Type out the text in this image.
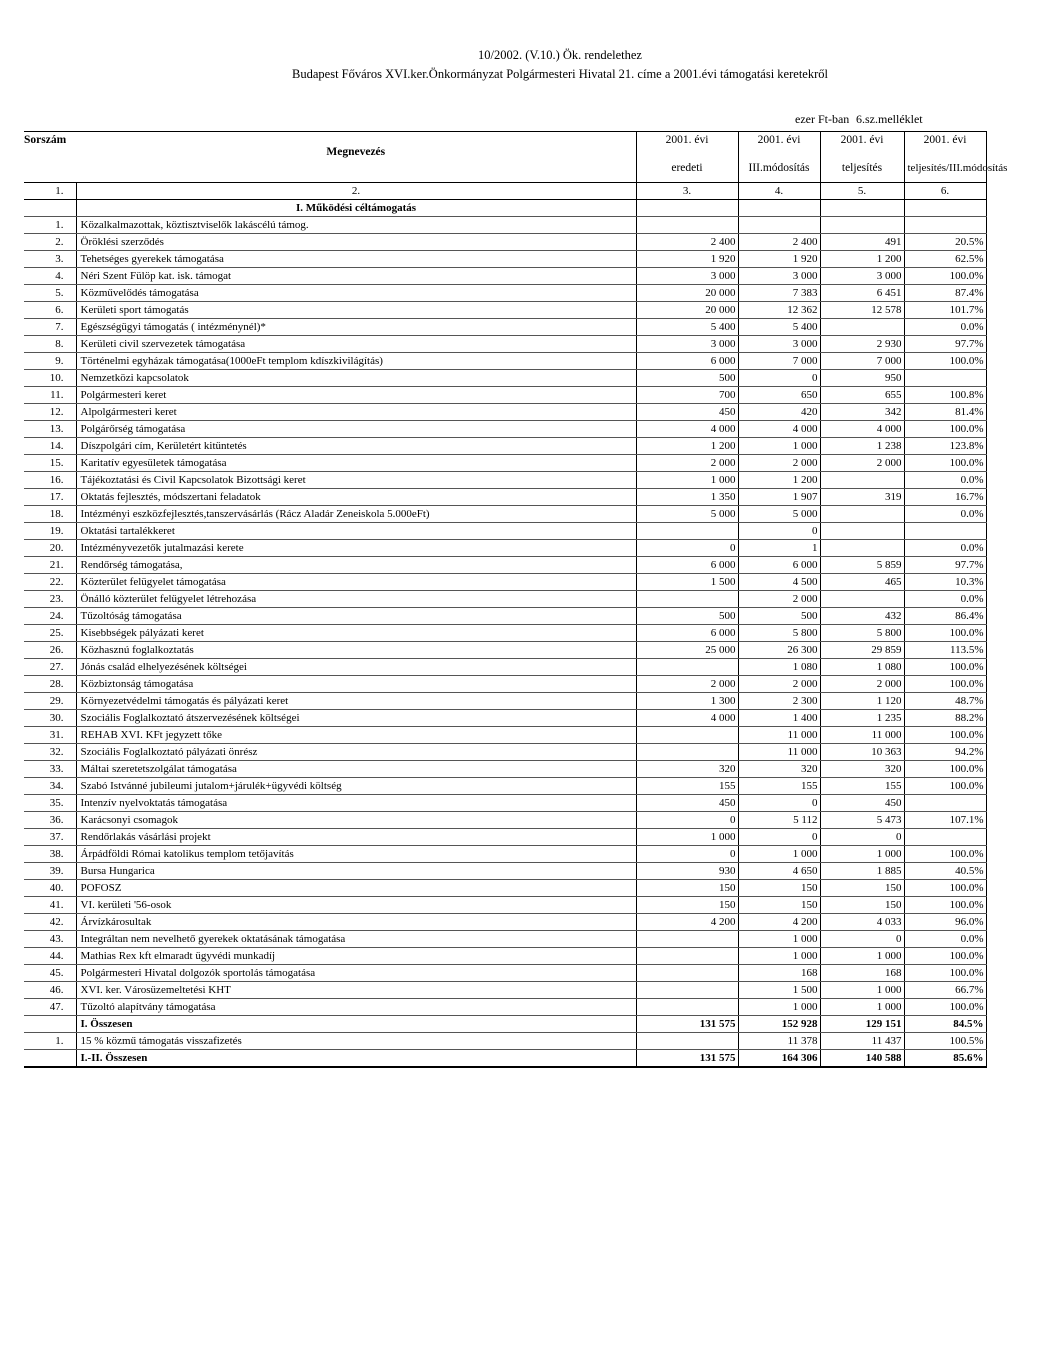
10/2002. (V.10.) Ök. rendelethez
Budapest Főváros XVI.ker.Önkormányzat Polgármesteri Hivatal 21. címe a 2001.évi támogatási keretekről
ezer Ft-ban 6.sz.melléklet
Sorszám	Megnevezés	2001. évi	2001. évi	2001. évi	2001. évi
		eredeti	III.módosítás	teljesítés	teljesítés/III.módosítás
1.	2.	3.	4.	5.	6.
	I. Működési céltámogatás				
1.	Közalkalmazottak, köztisztviselők lakáscélú támog.				
2.	Öröklési szerződés	2 400	2 400	491	20.5%
3.	Tehetséges gyerekek támogatása	1 920	1 920	1 200	62.5%
4.	Néri Szent Fülöp kat. isk. támogat	3 000	3 000	3 000	100.0%
5.	Közművelődés támogatása	20 000	7 383	6 451	87.4%
6.	Kerületi sport támogatás	20 000	12 362	12 578	101.7%
7.	Egészségügyi támogatás ( intézménynél)*	5 400	5 400		0.0%
8.	Kerületi civil szervezetek támogatása	3 000	3 000	2 930	97.7%
9.	Történelmi egyházak támogatása(1000eFt templom kdíszkivilágítás)	6 000	7 000	7 000	100.0%
10.	Nemzetközi kapcsolatok	500	0	950	
11.	Polgármesteri keret	700	650	655	100.8%
12.	Alpolgármesteri keret	450	420	342	81.4%
13.	Polgárőrség támogatása	4 000	4 000	4 000	100.0%
14.	Díszpolgári cím, Kerületért kitüntetés	1 200	1 000	1 238	123.8%
15.	Karitatív egyesületek támogatása	2 000	2 000	2 000	100.0%
16.	Tájékoztatási és Civil Kapcsolatok Bizottsági keret	1 000	1 200		0.0%
17.	Oktatás fejlesztés, módszertani feladatok	1 350	1 907	319	16.7%
18.	Intézményi eszközfejlesztés,tanszervásárlás (Rácz Aladár Zeneiskola 5.000eFt)	5 000	5 000		0.0%
19.	Oktatási tartalékkeret		0		
20.	Intézményvezetők jutalmazási kerete	0	1		0.0%
21.	Rendőrség támogatása,	6 000	6 000	5 859	97.7%
22.	Közterület felügyelet támogatása	1 500	4 500	465	10.3%
23.	Önálló közterület felügyelet létrehozása		2 000		0.0%
24.	Tűzoltóság támogatása	500	500	432	86.4%
25.	Kisebbségek pályázati keret	6 000	5 800	5 800	100.0%
26.	Közhasznú foglalkoztatás	25 000	26 300	29 859	113.5%
27.	Jónás család elhelyezésének költségei		1 080	1 080	100.0%
28.	Közbiztonság támogatása	2 000	2 000	2 000	100.0%
29.	Környezetvédelmi támogatás és pályázati keret	1 300	2 300	1 120	48.7%
30.	Szociális Foglalkoztató átszervezésének költségei	4 000	1 400	1 235	88.2%
31.	REHAB XVI. KFt jegyzett tőke		11 000	11 000	100.0%
32.	Szociális Foglalkoztató pályázati önrész		11 000	10 363	94.2%
33.	Máltai szeretetszolgálat támogatása	320	320	320	100.0%
34.	Szabó Istvánné jubileumi jutalom+járulék+ügyvédi költség	155	155	155	100.0%
35.	Intenzív nyelvoktatás támogatása	450	0	450	
36.	Karácsonyi csomagok	0	5 112	5 473	107.1%
37.	Rendőrlakás vásárlási projekt	1 000	0	0	
38.	Árpádföldi Római katolikus templom tetőjavítás	0	1 000	1 000	100.0%
39.	Bursa Hungarica	930	4 650	1 885	40.5%
40.	POFOSZ	150	150	150	100.0%
41.	VI. kerületi '56-osok	150	150	150	100.0%
42.	Árvízkárosultak	4 200	4 200	4 033	96.0%
43.	Integráltan nem nevelhető gyerekek oktatásának támogatása		1 000	0	0.0%
44.	Mathias Rex kft elmaradt ügyvédi munkadíj		1 000	1 000	100.0%
45.	Polgármesteri Hivatal dolgozók sportolás támogatása		168	168	100.0%
46.	XVI. ker. Városüzemeltetési KHT		1 500	1 000	66.7%
47.	Tűzoltó alapítvány támogatása		1 000	1 000	100.0%
	I. Összesen	131 575	152 928	129 151	84.5%
1.	15 % közmű támogatás visszafizetés		11 378	11 437	100.5%
	I.-II. Összesen	131 575	164 306	140 588	85.6%
